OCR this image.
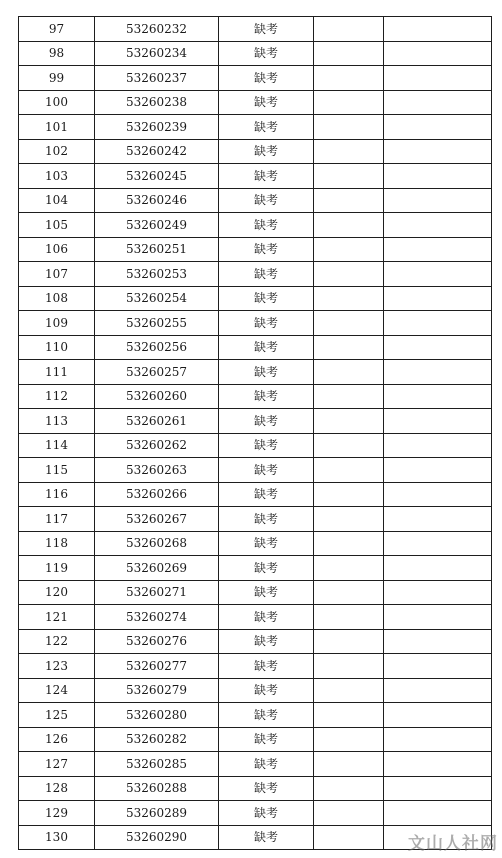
97	53260232	缺考		
98	53260234	缺考		
99	53260237	缺考		
100	53260238	缺考		
101	53260239	缺考		
102	53260242	缺考		
103	53260245	缺考		
104	53260246	缺考		
105	53260249	缺考		
106	53260251	缺考		
107	53260253	缺考		
108	53260254	缺考		
109	53260255	缺考		
110	53260256	缺考		
111	53260257	缺考		
112	53260260	缺考		
113	53260261	缺考		
114	53260262	缺考		
115	53260263	缺考		
116	53260266	缺考		
117	53260267	缺考		
118	53260268	缺考		
119	53260269	缺考		
120	53260271	缺考		
121	53260274	缺考		
122	53260276	缺考		
123	53260277	缺考		
124	53260279	缺考		
125	53260280	缺考		
126	53260282	缺考		
127	53260285	缺考		
128	53260288	缺考		
129	53260289	缺考		
130	53260290	缺考			文山人社网
